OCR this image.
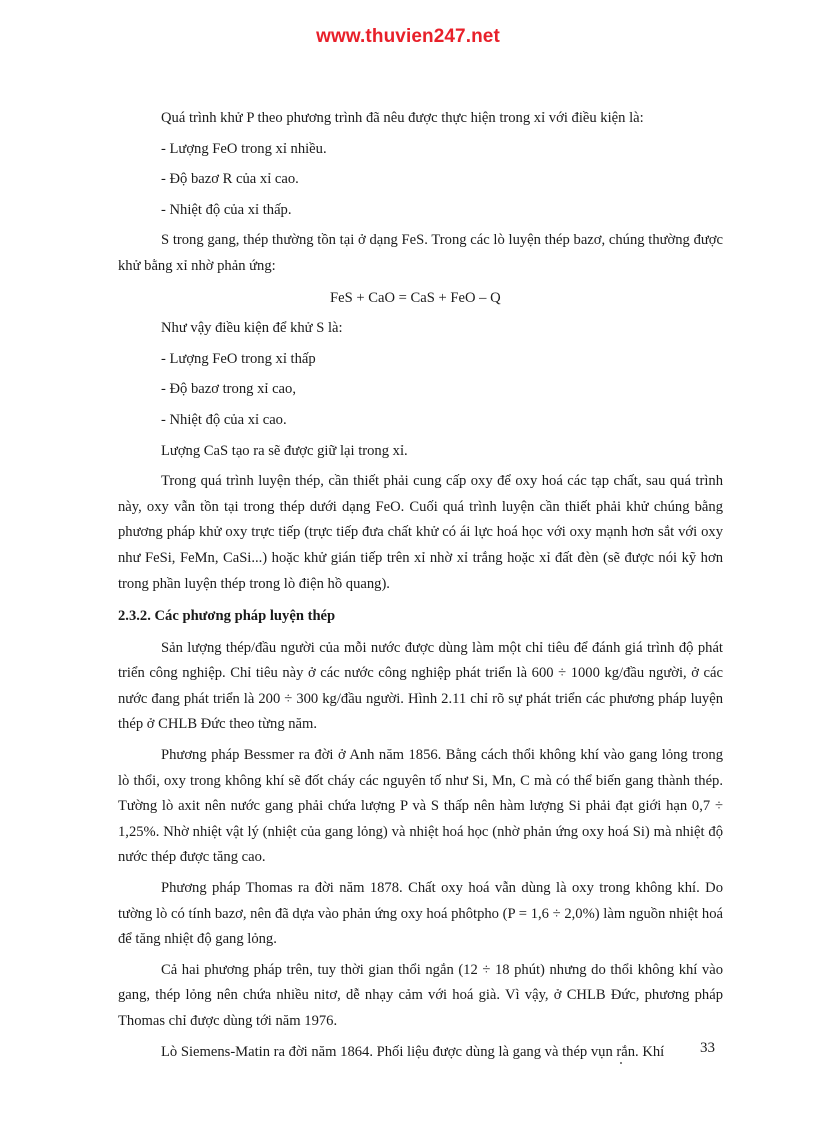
www.thuvien247.net

Quá trình khử P theo phương trình đã nêu được thực hiện trong xỉ với điều kiện là:

- Lượng FeO trong xỉ nhiều.

- Độ bazơ R của xỉ cao.

- Nhiệt độ của xỉ thấp.

S trong gang, thép thường tồn tại ở dạng FeS. Trong các lò luyện thép bazơ, chúng thường được khử bằng xỉ nhờ phản ứng:

FeS + CaO = CaS + FeO – Q

Như vậy điều kiện để khử S là:

- Lượng FeO trong xỉ thấp

- Độ bazơ trong xỉ cao,

- Nhiệt độ của xỉ cao.

Lượng CaS tạo ra sẽ được giữ lại trong xỉ.

Trong quá trình luyện thép, cần thiết phải cung cấp oxy để oxy hoá các tạp chất, sau quá trình này, oxy vẫn tồn tại trong thép dưới dạng FeO. Cuối quá trình luyện cần thiết phải khử chúng bằng phương pháp khử oxy trực tiếp (trực tiếp đưa chất khử có ái lực hoá học với oxy mạnh hơn sắt với oxy như FeSi, FeMn, CaSi...) hoặc khử gián tiếp trên xỉ nhờ xỉ trắng hoặc xỉ đất đèn (sẽ được nói kỹ hơn trong phần luyện thép trong lò điện hồ quang).

2.3.2. Các phương pháp luyện thép

Sản lượng thép/đầu người của mỗi nước được dùng làm một chỉ tiêu để đánh giá trình độ phát triển công nghiệp. Chỉ tiêu này ở các nước công nghiệp phát triển là 600 ÷ 1000 kg/đầu người, ở các nước đang phát triển là 200 ÷ 300 kg/đầu người. Hình 2.11 chỉ rõ sự phát triển các phương pháp luyện thép ở CHLB Đức theo từng năm.

Phương pháp Bessmer ra đời ở Anh năm 1856. Bằng cách thổi không khí vào gang lỏng trong lò thổi, oxy trong không khí sẽ đốt cháy các nguyên tố như Si, Mn, C mà có thể biến gang thành thép. Tường lò axit nên nước gang phải chứa lượng P và S thấp nên hàm lượng Si phải đạt giới hạn 0,7 ÷ 1,25%. Nhờ nhiệt vật lý (nhiệt của gang lỏng) và nhiệt hoá học (nhờ phản ứng oxy hoá Si) mà nhiệt độ nước thép được tăng cao.

Phương pháp Thomas ra đời năm 1878. Chất oxy hoá vẫn dùng là oxy trong không khí. Do tường lò có tính bazơ, nên đã dựa vào phản ứng oxy hoá phôtpho (P = 1,6 ÷ 2,0%) làm nguồn nhiệt hoá để tăng nhiệt độ gang lỏng.

Cả hai phương pháp trên, tuy thời gian thổi ngắn (12 ÷ 18 phút) nhưng do thổi không khí vào gang, thép lỏng nên chứa nhiều nitơ, dễ nhạy cảm với hoá già. Vì vậy, ở CHLB Đức, phương pháp Thomas chỉ được dùng tới năm 1976.

Lò Siemens-Matin ra đời năm 1864. Phối liệu được dùng là gang và thép vụn rắn. Khí	33
